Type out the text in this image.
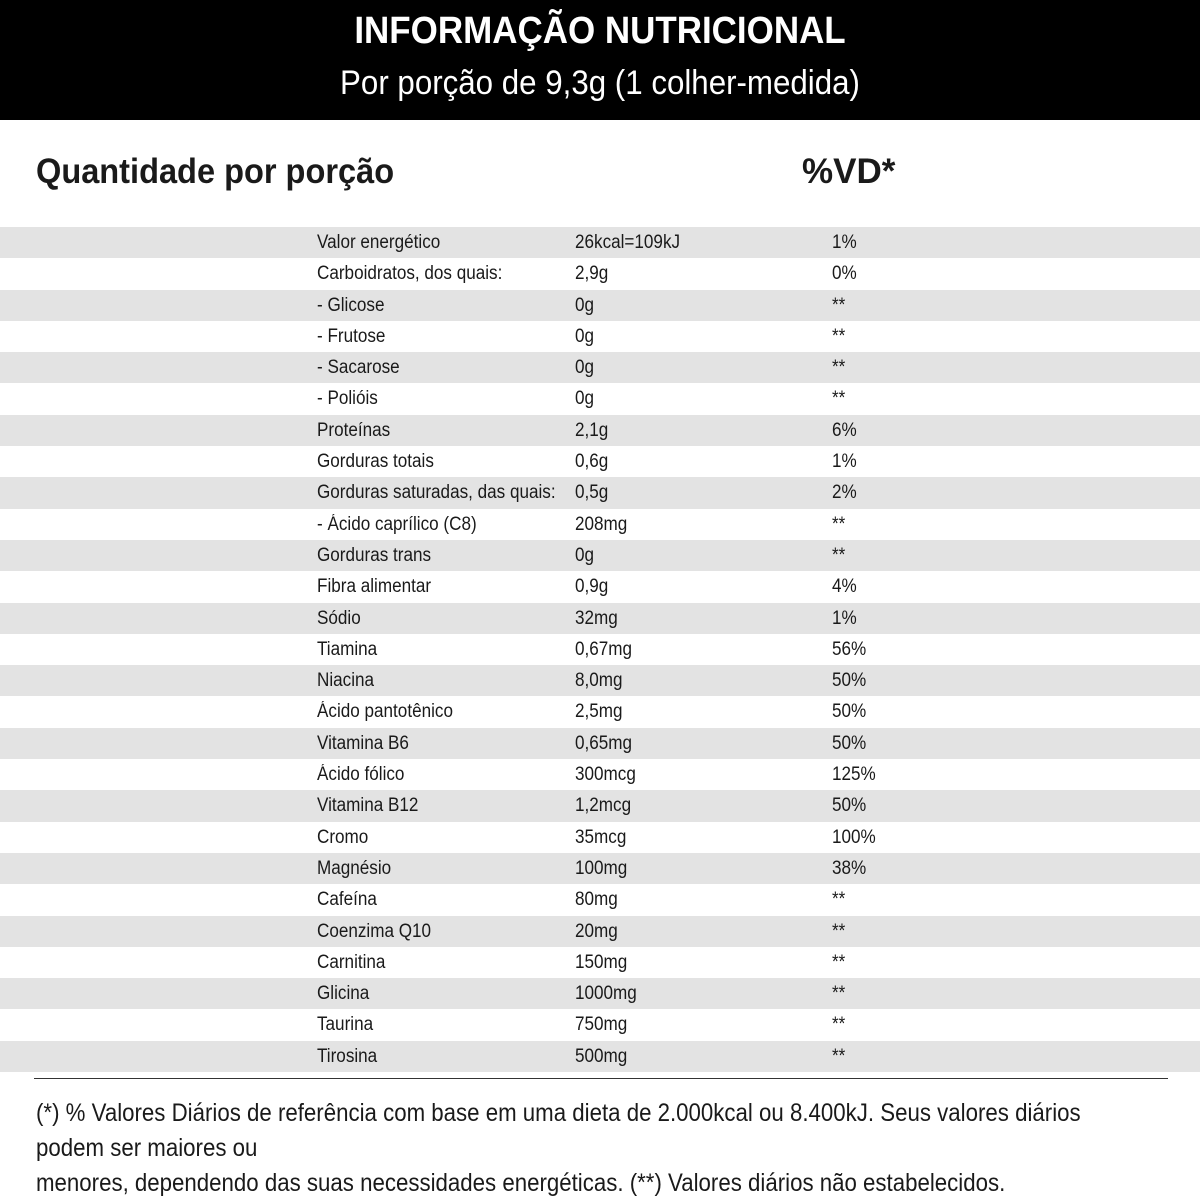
INFORMAÇÃO NUTRICIONAL
Por porção de 9,3g (1 colher-medida)
Quantidade por porção	%VD*
Valor energético	26kcal=109kJ	1%
Carboidratos, dos quais:	2,9g	0%
- Glicose	0g	**
- Frutose	0g	**
- Sacarose	0g	**
- Polióis	0g	**
Proteínas	2,1g	6%
Gorduras totais	0,6g	1%
Gorduras saturadas, das quais: 0,5g	2%
- Ácido caprílico (C8)	208mg	**
Gorduras trans	0g	**
Fibra alimentar	0,9g	4%
Sódio	32mg	1%
Tiamina	0,67mg	56%
Niacina	8,0mg	50%
Ácido pantotênico	2,5mg	50%
Vitamina B6	0,65mg	50%
Ácido fólico	300mcg	125%
Vitamina B12	1,2mcg	50%
Cromo	35mcg	100%
Magnésio	100mg	38%
Cafeína	80mg	**
Coenzima Q10	20mg	**
Carnitina	150mg	**
Glicina	1000mg	**
Taurina	750mg	**
Tirosina	500mg	**
(*) % Valores Diários de referência com base em uma dieta de 2.000kcal ou 8.400kJ. Seus valores diários podem ser maiores ou
menores, dependendo das suas necessidades energéticas. (**) Valores diários não estabelecidos.
